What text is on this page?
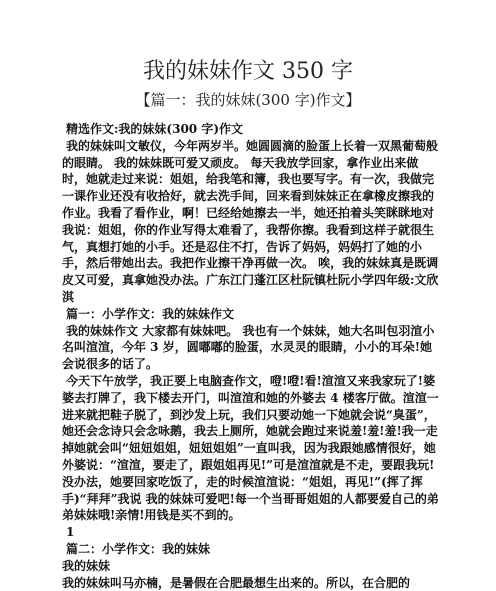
我的妹妹作文 350 字
【篇一：我的妹妹(300 字)作文】

精选作文:我的妹妹(300 字)作文

我的妹妹叫文敏仪，今年两岁半。她圆圆滴的脸蛋上长着一双黑葡萄般的眼睛。 我的妹妹既可爱又顽皮。 每天我放学回家，拿作业出来做时，她就走过来说：姐姐，给我笔和簿，我也要写字。有一次，我做完一课作业还没有收拾好，就去洗手间，回来看到妹妹正在拿橡皮擦我的作业。我看了看作业，啊！已经给她擦去一半，她还拍着头笑眯眯地对我说：姐姐，你的作业写得太难看了，我帮你擦。我看到这样子就很生气，真想打她的小手。还是忍住不打，告诉了妈妈，妈妈打了她的小手，然后带她出去。我把作业擦干净再做一次。 唉，我的妹妹真是既调皮又可爱，真拿她没办法。广东江门蓬江区杜阮镇杜阮小学四年级:文欣淇

篇一：小学作文：我的妹妹作文

我的妹妹作文 大家都有妹妹吧。 我也有一个妹妹，她大名叫包羽渲小名叫渲渲，今年 3 岁，圆嘟嘟的脸蛋，水灵灵的眼睛，小小的耳朵!她会说很多的话了。

今天下午放学，我正要上电脑查作文，噔!噔!看!渲渲又来我家玩了!婆婆去打牌了，我下楼去开门，叫渲渲和她的外婆去 4 楼客厅做。渲渲一进来就把鞋子脱了，到沙发上玩，我们只要动她一下她就会说“臭蛋”，她还会念诗只会念咏鹅，我去上厕所，她就会跑过来说羞!羞!羞!我一走掉她就会叫“妞妞姐姐，妞妞姐姐”一直叫我，因为我跟她感情很好，她外婆说：“渲渲，要走了，跟姐姐再见!”可是渲渲就是不走，要跟我玩!没办法，她要回家吃饭了，走的时候渲渲说：“姐姐，再见!”(挥了挥手)“拜拜”我说 我的妹妹可爱吧!每一个当哥哥姐姐的人都要爱自己的弟弟妹妹哦!亲情!用钱是买不到的。

1

篇二：小学作文：我的妹妹

我的妹妹

我的妹妹叫马亦楠，是暑假在合肥最想生出来的。所以，在合肥的
